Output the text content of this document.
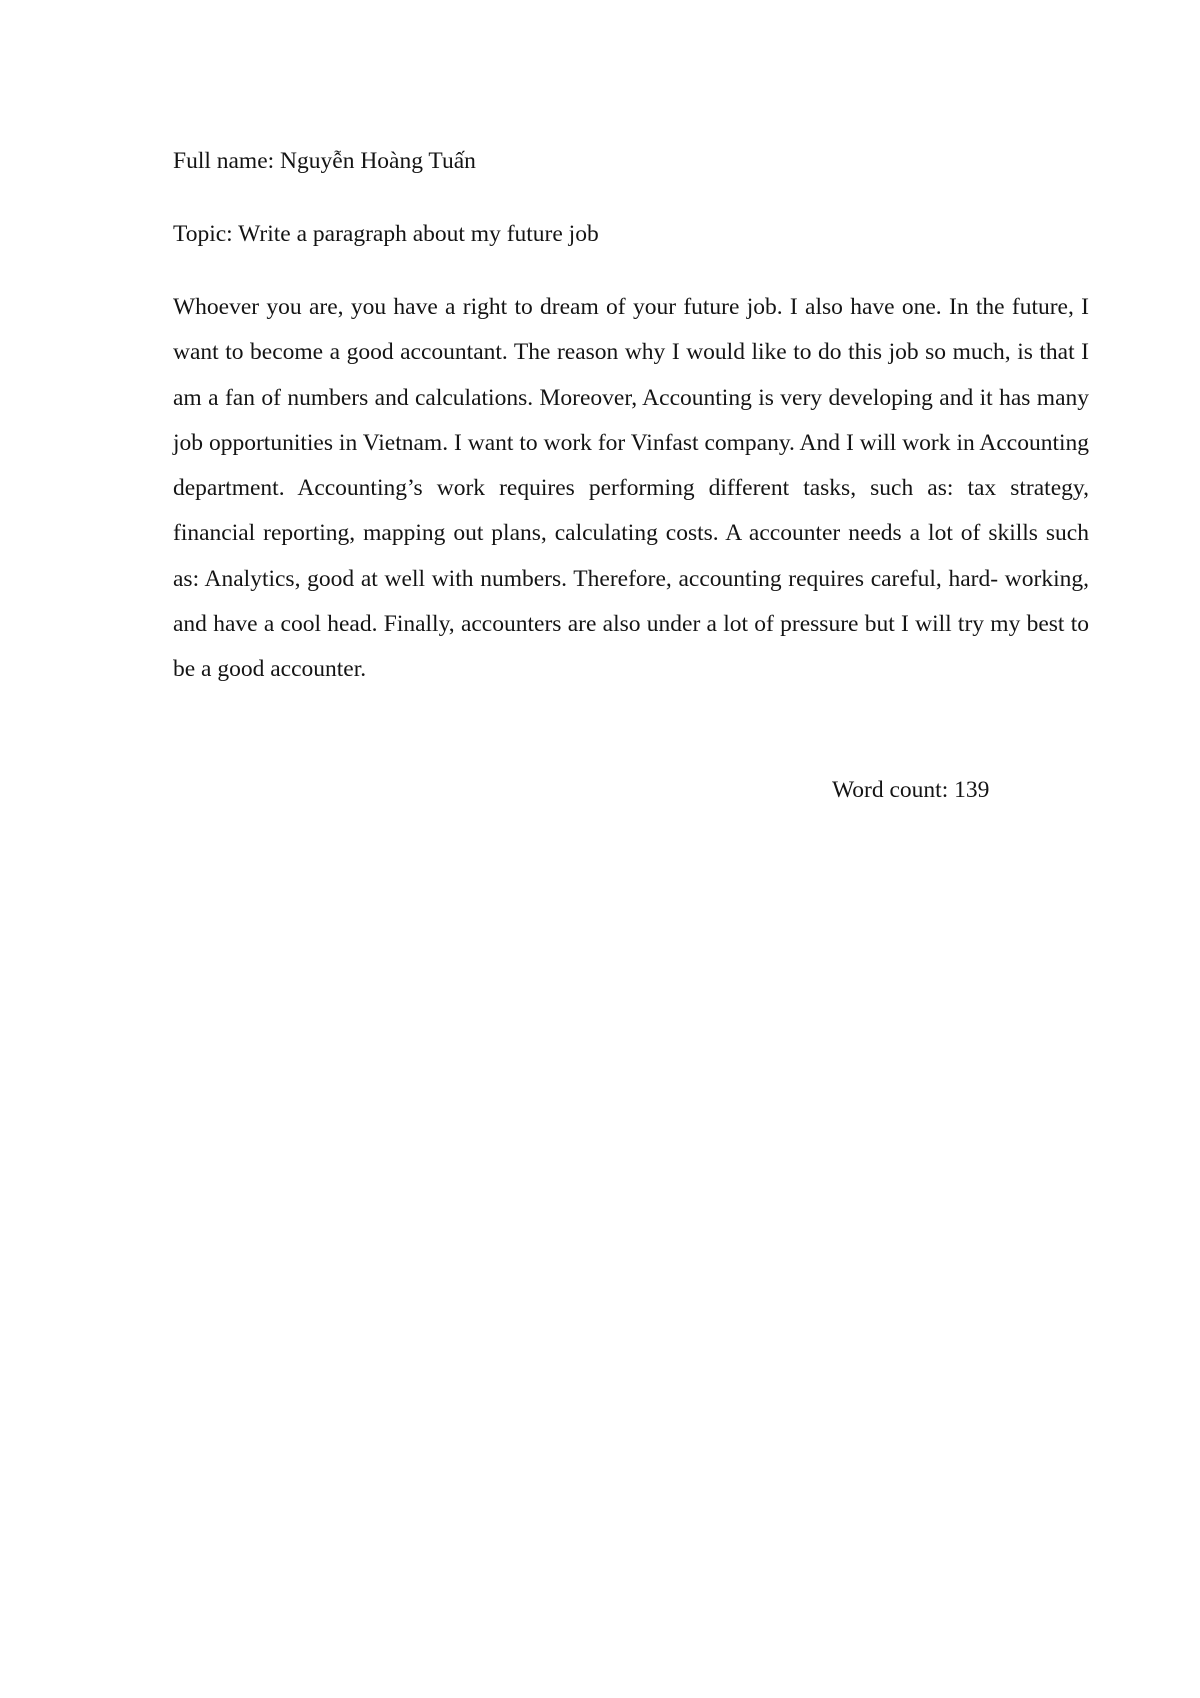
Full name: Nguyễn Hoàng Tuấn
Topic: Write a paragraph about my future job

Whoever you are, you have a right to dream of your future job. I also have one. In the future, I want to become a good accountant. The reason why I would like to do this job so much, is that I am a fan of numbers and calculations. Moreover, Accounting is very developing and it has many job opportunities in Vietnam. I want to work for Vinfast company. And I will work in Accounting department. Accounting’s work requires performing different tasks, such as: tax strategy, financial reporting, mapping out plans, calculating costs. A accounter needs a lot of skills such as: Analytics, good at well with numbers. Therefore, accounting requires careful, hard- working, and have a cool head. Finally, accounters are also under a lot of pressure but I will try my best to be a good accounter.

Word count: 139
